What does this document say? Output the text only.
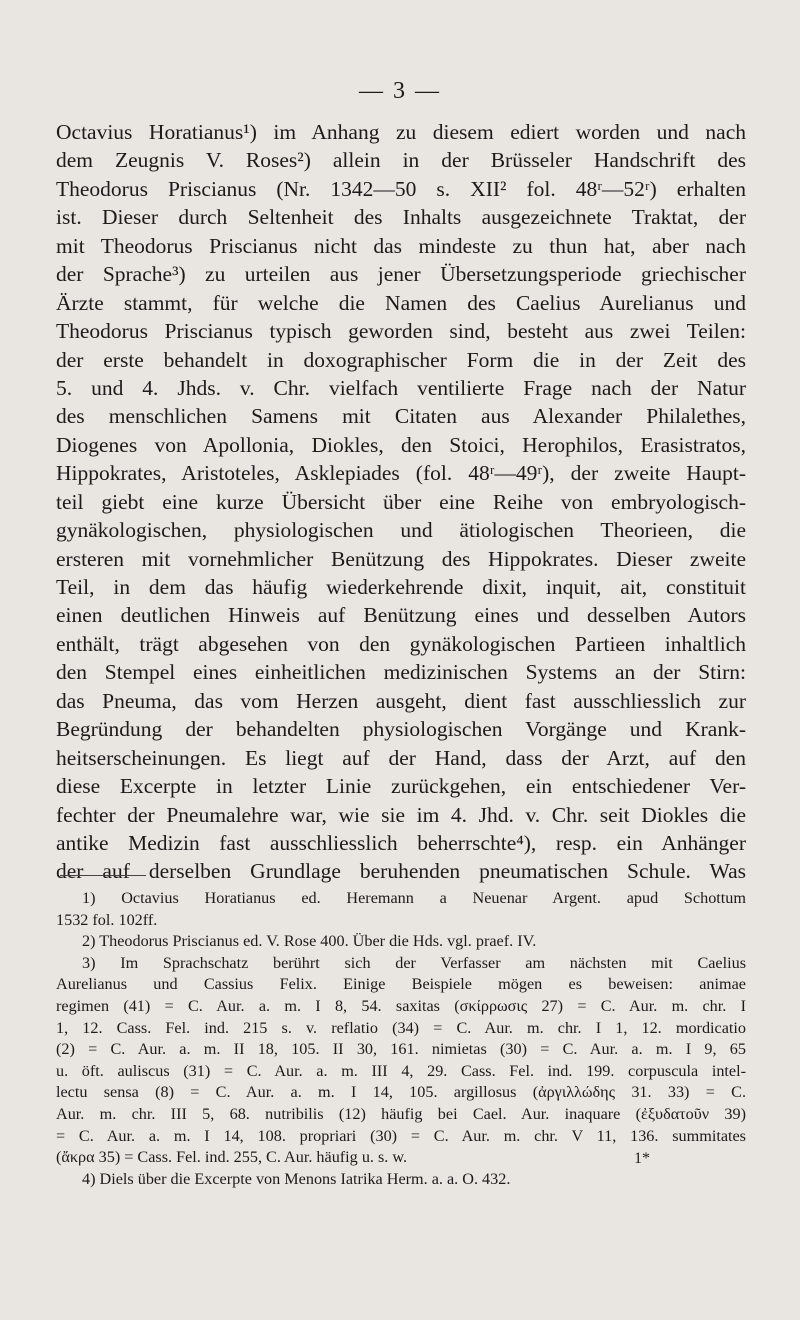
— 3 —
Octavius Horatianus¹) im Anhang zu diesem ediert worden und nach
dem Zeugnis V. Roses²) allein in der Brüsseler Handschrift des
Theodorus Priscianus (Nr. 1342—50 s. XII² fol. 48ʳ—52ʳ) erhalten
ist. Dieser durch Seltenheit des Inhalts ausgezeichnete Traktat, der
mit Theodorus Priscianus nicht das mindeste zu thun hat, aber nach
der Sprache³) zu urteilen aus jener Übersetzungsperiode griechischer
Ärzte stammt, für welche die Namen des Caelius Aurelianus und
Theodorus Priscianus typisch geworden sind, besteht aus zwei Teilen:
der erste behandelt in doxographischer Form die in der Zeit des
5. und 4. Jhds. v. Chr. vielfach ventilierte Frage nach der Natur
des menschlichen Samens mit Citaten aus Alexander Philalethes,
Diogenes von Apollonia, Diokles, den Stoici, Herophilos, Erasistratos,
Hippokrates, Aristoteles, Asklepiades (fol. 48ʳ—49ʳ), der zweite Haupt-
teil giebt eine kurze Übersicht über eine Reihe von embryologisch-
gynäkologischen, physiologischen und ätiologischen Theorieen, die
ersteren mit vornehmlicher Benützung des Hippokrates. Dieser zweite
Teil, in dem das häufig wiederkehrende dixit, inquit, ait, constituit
einen deutlichen Hinweis auf Benützung eines und desselben Autors
enthält, trägt abgesehen von den gynäkologischen Partieen inhaltlich
den Stempel eines einheitlichen medizinischen Systems an der Stirn:
das Pneuma, das vom Herzen ausgeht, dient fast ausschliesslich zur
Begründung der behandelten physiologischen Vorgänge und Krank-
heitserscheinungen. Es liegt auf der Hand, dass der Arzt, auf den
diese Excerpte in letzter Linie zurückgehen, ein entschiedener Ver-
fechter der Pneumalehre war, wie sie im 4. Jhd. v. Chr. seit Diokles die
antike Medizin fast ausschliesslich beherrschte⁴), resp. ein Anhänger
der auf derselben Grundlage beruhenden pneumatischen Schule. Was
1) Octavius Horatianus ed. Heremann a Neuenar Argent. apud Schottum
1532 fol. 102ff.
2) Theodorus Priscianus ed. V. Rose 400. Über die Hds. vgl. praef. IV.
3) Im Sprachschatz berührt sich der Verfasser am nächsten mit Caelius
Aurelianus und Cassius Felix. Einige Beispiele mögen es beweisen: animae
regimen (41) = C. Aur. a. m. I 8, 54. saxitas (σκίρρωσις 27) = C. Aur. m. chr. I
1, 12. Cass. Fel. ind. 215 s. v. reflatio (34) = C. Aur. m. chr. I 1, 12. mordicatio
(2) = C. Aur. a. m. II 18, 105. II 30, 161. nimietas (30) = C. Aur. a. m. I 9, 65
u. öft. auliscus (31) = C. Aur. a. m. III 4, 29. Cass. Fel. ind. 199. corpuscula intel-
lectu sensa (8) = C. Aur. a. m. I 14, 105. argillosus (ἀργιλλώδης 31. 33) = C.
Aur. m. chr. III 5, 68. nutribilis (12) häufig bei Cael. Aur. inaquare (ἐξυδατοῦν 39)
= C. Aur. a. m. I 14, 108. propriari (30) = C. Aur. m. chr. V 11, 136. summitates
(ἄκρα 35) = Cass. Fel. ind. 255, C. Aur. häufig u. s. w.
4) Diels über die Excerpte von Menons Iatrika Herm. a. a. O. 432.
1*
